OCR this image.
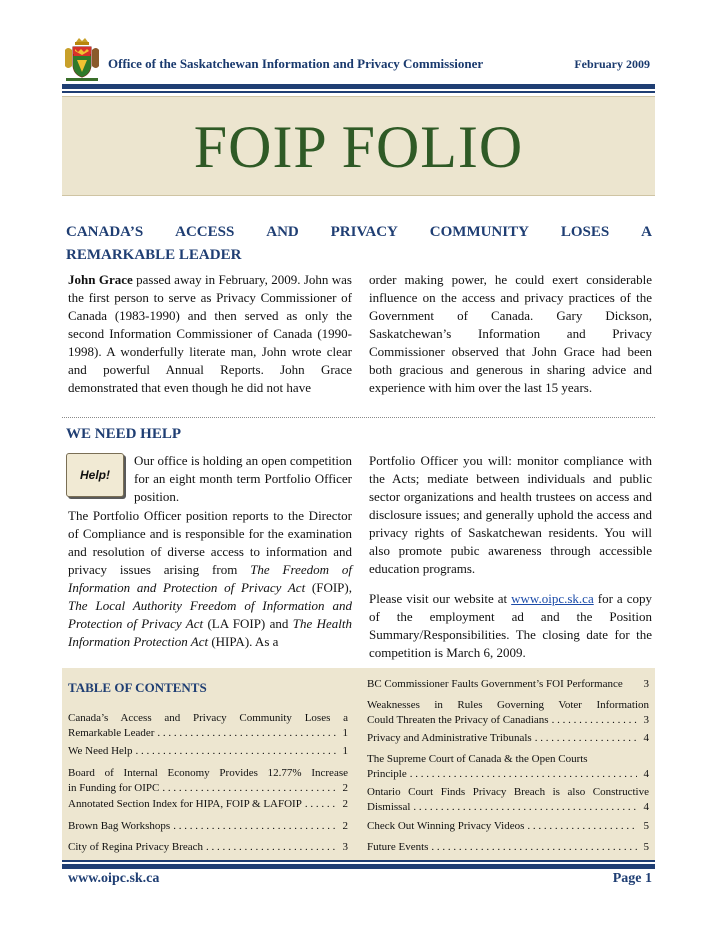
Office of the Saskatchewan Information and Privacy Commissioner	February 2009
FOIP FOLIO
CANADA’S ACCESS AND PRIVACY COMMUNITY LOSES A
REMARKABLE LEADER
John Grace passed away in February, 2009. John was the first person to serve as Privacy Commissioner of Canada (1983-1990) and then served as only the second Information Commissioner of Canada (1990-1998). A wonderfully literate man, John wrote clear and powerful Annual Reports. John Grace demonstrated that even though he did not have
order making power, he could exert considerable influence on the access and privacy practices of the Government of Canada. Gary Dickson, Saskatchewan’s Information and Privacy Commissioner observed that John Grace had been both gracious and generous in sharing advice and experience with him over the last 15 years.
WE NEED HELP
Help!
Our office is holding an open competition for an eight month term Portfolio Officer position.
The Portfolio Officer position reports to the Director of Compliance and is responsible for the examination and resolution of diverse access to information and privacy issues arising from The Freedom of Information and Protection of Privacy Act (FOIP), The Local Authority Freedom of Information and Protection of Privacy Act (LA FOIP) and The Health Information Protection Act (HIPA). As a
Portfolio Officer you will: monitor compliance with the Acts; mediate between individuals and public sector organizations and health trustees on access and disclosure issues; and generally uphold the access and privacy rights of Saskatchewan residents. You will also promote pubic awareness through accessible education programs.
Please visit our website at www.oipc.sk.ca for a copy of the employment ad and the Position Summary/Responsibilities. The closing date for the competition is March 6, 2009.
TABLE OF CONTENTS
Canada’s Access and Privacy Community Loses a
Remarkable Leader . . .	1
We Need Help . . .	1
Board of Internal Economy Provides 12.77% Increase
in Funding for OIPC . . .	2
Annotated Section Index for HIPA, FOIP & LAFOIP . . .	2
Brown Bag Workshops . . .	2
City of Regina Privacy Breach . . .	3
BC Commissioner Faults Government’s FOI Performance	3
Weaknesses in Rules Governing Voter Information
Could Threaten the Privacy of Canadians . . .	3
Privacy and Administrative Tribunals . . .	4
The Supreme Court of Canada & the Open Courts
Principle . . .	4
Ontario Court Finds Privacy Breach is also Constructive
Dismissal . . .	4
Check Out Winning Privacy Videos . . .	5
Future Events . . .	5
www.oipc.sk.ca	Page 1
